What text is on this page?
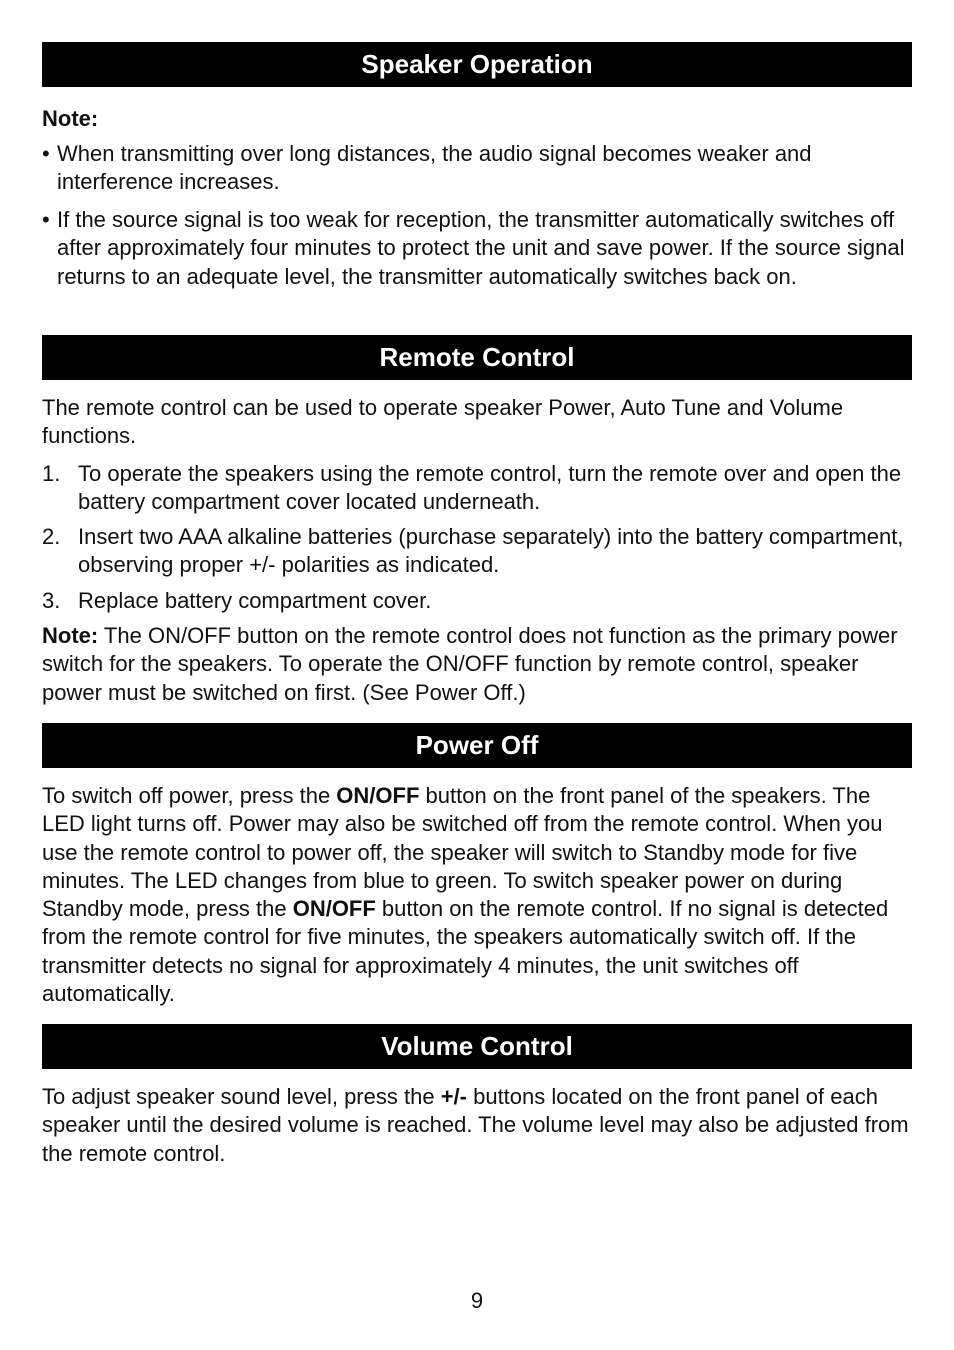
Speaker Operation

Note:

• When transmitting over long distances, the audio signal becomes weaker and interference increases.
• If the source signal is too weak for reception, the transmitter automatically switches off after approximately four minutes to protect the unit and save power. If the source signal returns to an adequate level, the transmitter automatically switches back on.
Remote Control

The remote control can be used to operate speaker Power, Auto Tune and Volume functions.

1. To operate the speakers using the remote control, turn the remote over and open the battery compartment cover located underneath.
2. Insert two AAA alkaline batteries (purchase separately) into the battery compartment, observing proper +/- polarities as indicated.
3. Replace battery compartment cover.

Note: The ON/OFF button on the remote control does not function as the primary power switch for the speakers. To operate the ON/OFF function by remote control, speaker power must be switched on first. (See Power Off.)

Power Off

To switch off power, press the ON/OFF button on the front panel of the speakers. The LED light turns off. Power may also be switched off from the remote control. When you use the remote control to power off, the speaker will switch to Standby mode for five minutes. The LED changes from blue to green. To switch speaker power on during Standby mode, press the ON/OFF button on the remote control. If no signal is detected from the remote control for five minutes, the speakers automatically switch off. If the transmitter detects no signal for approximately 4 minutes, the unit switches off automatically.

Volume Control

To adjust speaker sound level, press the +/- buttons located on the front panel of each speaker until the desired volume is reached. The volume level may also be adjusted from the remote control.

9
